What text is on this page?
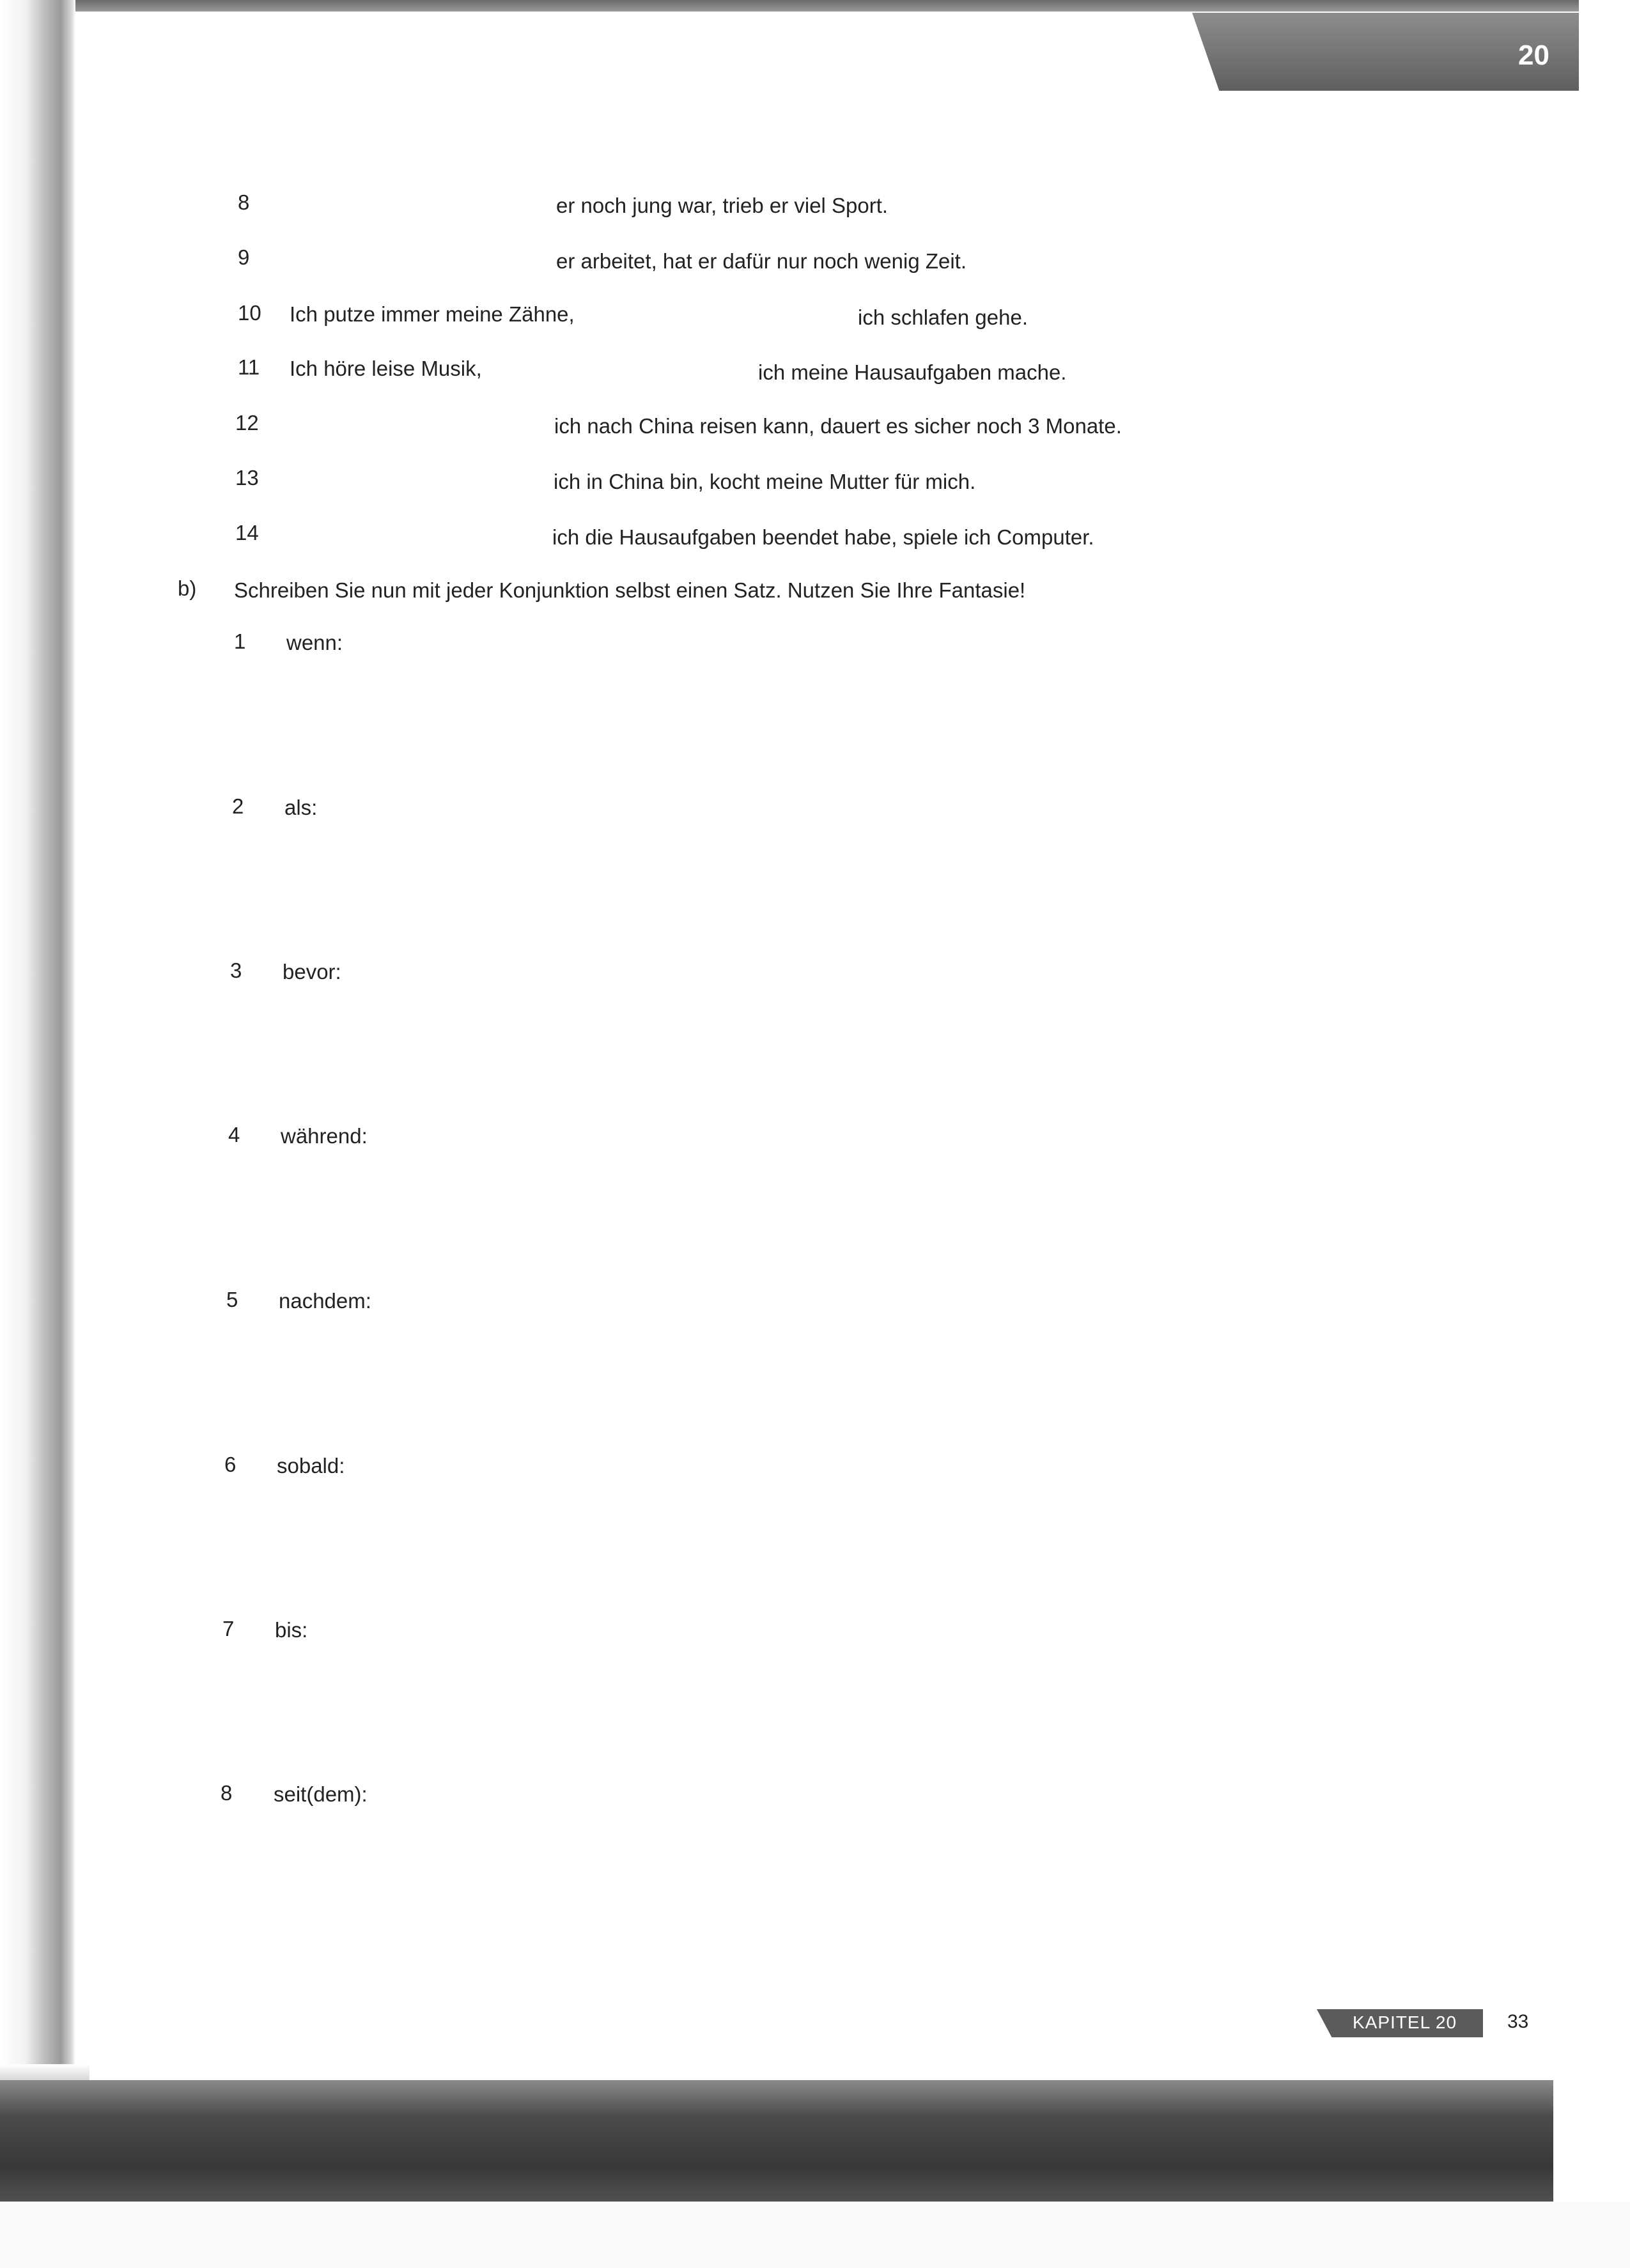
20
8	er noch jung war, trieb er viel Sport.
9	er arbeitet, hat er dafür nur noch wenig Zeit.
10 Ich putze immer meine Zähne,	ich schlafen gehe.
11 Ich höre leise Musik,	ich meine Hausaufgaben mache.
12	ich nach China reisen kann, dauert es sicher noch 3 Monate.
13	ich in China bin, kocht meine Mutter für mich.
14	ich die Hausaufgaben beendet habe, spiele ich Computer.
b) Schreiben Sie nun mit jeder Konjunktion selbst einen Satz. Nutzen Sie Ihre Fantasie!
1 wenn:
2 als:
3 bevor:
4 während:
5 nachdem:
6 sobald:
7 bis:
8 seit(dem):
KAPITEL 20	33
